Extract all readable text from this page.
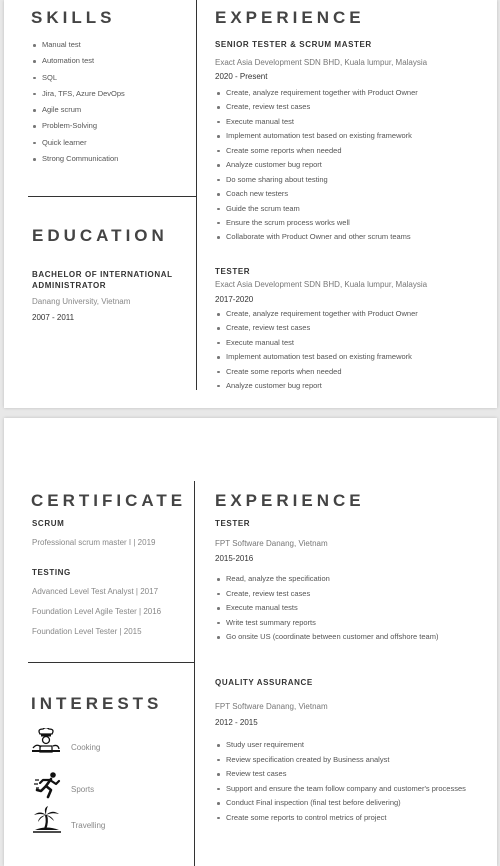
SKILLS
Manual test
Automation test
SQL
Jira, TFS, Azure DevOps
Agile scrum
Problem-Solving
Quick learner
Strong Communication
EDUCATION

BACHELOR OF INTERNATIONAL ADMINISTRATOR

Danang University, Vietnam

2007 - 2011

EXPERIENCE

SENIOR TESTER & SCRUM MASTER

Exact Asia Development SDN BHD, Kuala lumpur, Malaysia

2020 - Present

Create, analyze requirement together with Product Owner
Create, review test cases
Execute manual test
Implement automation test based on existing framework
Create some reports when needed
Analyze customer bug report
Do some sharing about testing
Coach new testers
Guide the scrum team
Ensure the scrum process works well
Collaborate with Product Owner and other scrum teams

TESTER

Exact Asia Development SDN BHD, Kuala lumpur, Malaysia

2017-2020

Create, analyze requirement together with Product Owner
Create, review test cases
Execute manual test
Implement automation test based on existing framework
Create some reports when needed
Analyze customer bug report
CERTIFICATE

SCRUM

Professional scrum master I | 2019

TESTING

Advanced Level Test Analyst | 2017

Foundation Level Agile Tester | 2016

Foundation Level Tester | 2015

INTERESTS

Cooking

Sports

Travelling

EXPERIENCE

TESTER

FPT Software Danang, Vietnam

2015-2016

Read, analyze the specification
Create, review test cases
Execute manual tests
Write test summary reports
Go onsite US (coordinate between customer and offshore team)

QUALITY ASSURANCE

FPT Software Danang, Vietnam

2012 - 2015

Study user requirement
Review specification created by Business analyst
Review test cases
Support and ensure the team follow company and customer's processes
Conduct Final inspection (final test before delivering)
Create some reports to control metrics of project
